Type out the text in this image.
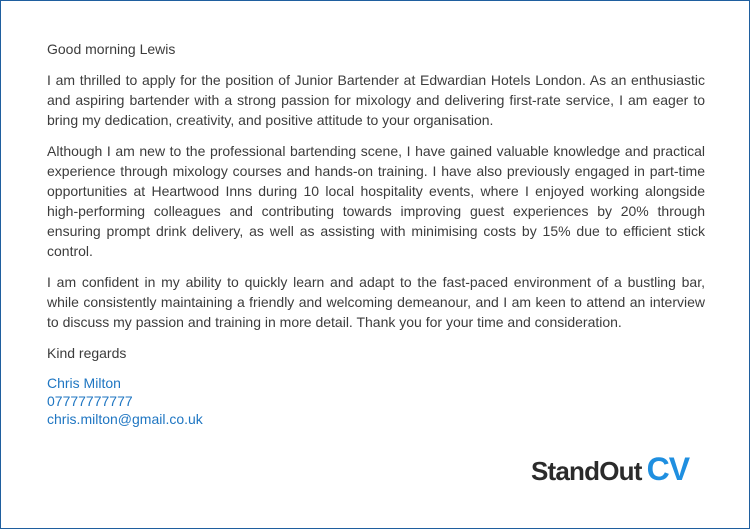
Good morning Lewis

I am thrilled to apply for the position of Junior Bartender at Edwardian Hotels London. As an enthusiastic and aspiring bartender with a strong passion for mixology and delivering first-rate service, I am eager to bring my dedication, creativity, and positive attitude to your organisation.

Although I am new to the professional bartending scene, I have gained valuable knowledge and practical experience through mixology courses and hands-on training. I have also previously engaged in part-time opportunities at Heartwood Inns during 10 local hospitality events, where I enjoyed working alongside high-performing colleagues and contributing towards improving guest experiences by 20% through ensuring prompt drink delivery, as well as assisting with minimising costs by 15% due to efficient stick control.

I am confident in my ability to quickly learn and adapt to the fast-paced environment of a bustling bar, while consistently maintaining a friendly and welcoming demeanour, and I am keen to attend an interview to discuss my passion and training in more detail. Thank you for your time and consideration.

Kind regards

Chris Milton
07777777777
chris.milton@gmail.co.uk
StandOut CV
